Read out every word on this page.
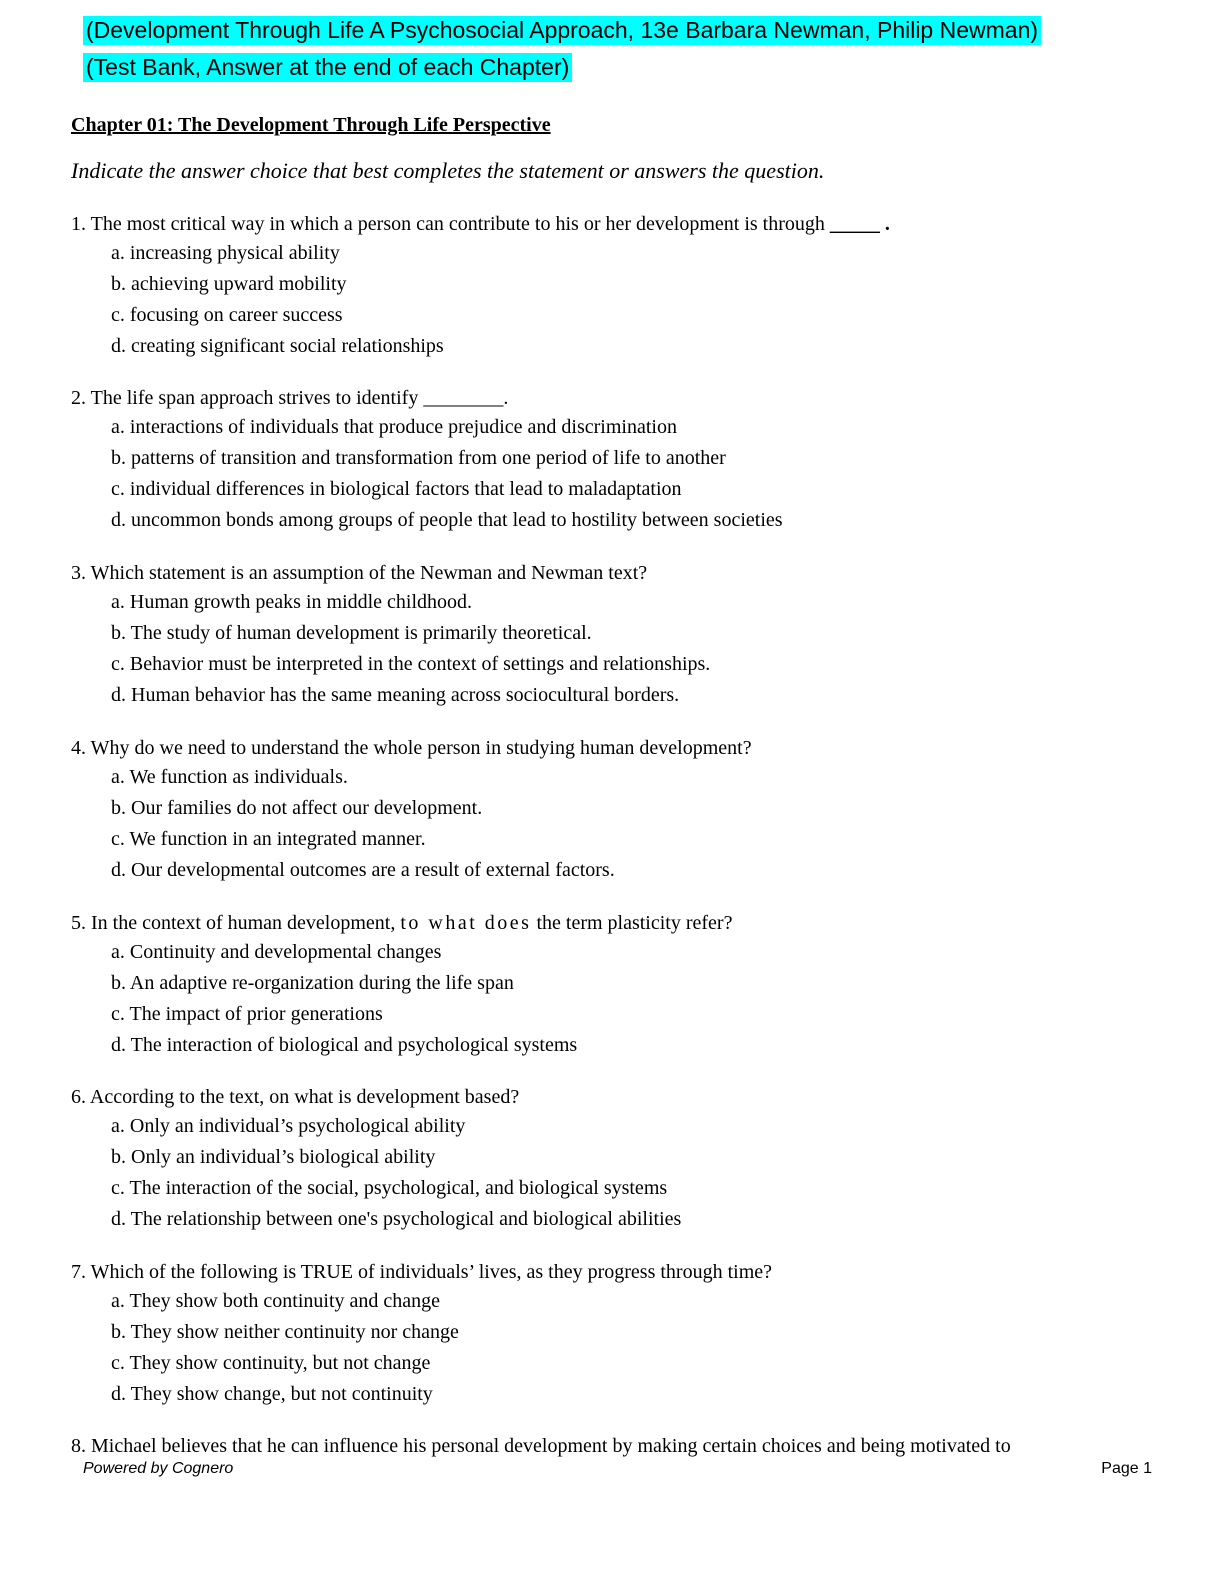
(Development Through Life A Psychosocial Approach, 13e Barbara Newman, Philip Newman)
(Test Bank, Answer at the end of each Chapter)
Chapter 01: The Development Through Life Perspective
Indicate the answer choice that best completes the statement or answers the question.
1. The most critical way in which a person can contribute to his or her development is through _____ .
a. increasing physical ability
b. achieving upward mobility
c. focusing on career success
d. creating significant social relationships
2. The life span approach strives to identify ________.
a. interactions of individuals that produce prejudice and discrimination
b. patterns of transition and transformation from one period of life to another
c. individual differences in biological factors that lead to maladaptation
d. uncommon bonds among groups of people that lead to hostility between societies
3. Which statement is an assumption of the Newman and Newman text?
a. Human growth peaks in middle childhood.
b. The study of human development is primarily theoretical.
c. Behavior must be interpreted in the context of settings and relationships.
d. Human behavior has the same meaning across sociocultural borders.
4. Why do we need to understand the whole person in studying human development?
a. We function as individuals.
b. Our families do not affect our development.
c. We function in an integrated manner.
d. Our developmental outcomes are a result of external factors.
5. In the context of human development, to what does the term plasticity refer?
a. Continuity and developmental changes
b. An adaptive re-organization during the life span
c. The impact of prior generations
d. The interaction of biological and psychological systems
6. According to the text, on what is development based?
a. Only an individual’s psychological ability
b. Only an individual’s biological ability
c. The interaction of the social, psychological, and biological systems
d. The relationship between one's psychological and biological abilities
7. Which of the following is TRUE of individuals’ lives, as they progress through time?
a. They show both continuity and change
b. They show neither continuity nor change
c. They show continuity, but not change
d. They show change, but not continuity
8. Michael believes that he can influence his personal development by making certain choices and being motivated to
Powered by Cognero	Page 1
